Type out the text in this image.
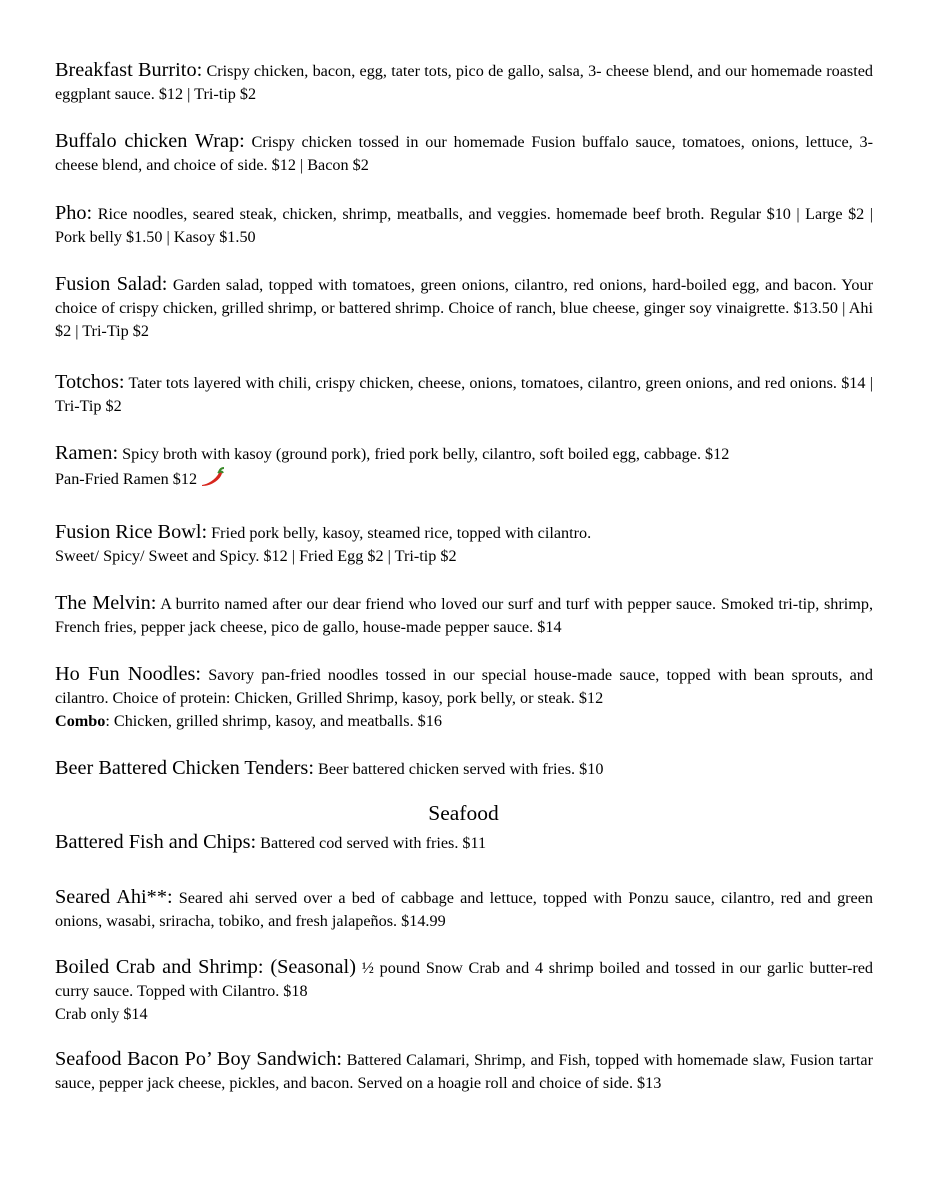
Breakfast Burrito: Crispy chicken, bacon, egg, tater tots, pico de gallo, salsa, 3- cheese blend, and our homemade roasted eggplant sauce. $12 | Tri-tip $2
Buffalo chicken Wrap: Crispy chicken tossed in our homemade Fusion buffalo sauce, tomatoes, onions, lettuce, 3- cheese blend, and choice of side. $12 | Bacon $2
Pho: Rice noodles, seared steak, chicken, shrimp, meatballs, and veggies. homemade beef broth. Regular $10 | Large $2 | Pork belly $1.50 | Kasoy $1.50
Fusion Salad: Garden salad, topped with tomatoes, green onions, cilantro, red onions, hard-boiled egg, and bacon. Your choice of crispy chicken, grilled shrimp, or battered shrimp. Choice of ranch, blue cheese, ginger soy vinaigrette. $13.50 | Ahi $2 | Tri-Tip $2
Totchos: Tater tots layered with chili, crispy chicken, cheese, onions, tomatoes, cilantro, green onions, and red onions. $14 | Tri-Tip $2
Ramen: Spicy broth with kasoy (ground pork), fried pork belly, cilantro, soft boiled egg, cabbage. $12
Pan-Fried Ramen $12
Fusion Rice Bowl: Fried pork belly, kasoy, steamed rice, topped with cilantro.
Sweet/ Spicy/ Sweet and Spicy. $12 | Fried Egg $2 | Tri-tip $2
The Melvin: A burrito named after our dear friend who loved our surf and turf with pepper sauce. Smoked tri-tip, shrimp, French fries, pepper jack cheese, pico de gallo, house-made pepper sauce. $14
Ho Fun Noodles: Savory pan-fried noodles tossed in our special house-made sauce, topped with bean sprouts, and cilantro. Choice of protein: Chicken, Grilled Shrimp, kasoy, pork belly, or steak. $12
Combo: Chicken, grilled shrimp, kasoy, and meatballs. $16
Beer Battered Chicken Tenders: Beer battered chicken served with fries. $10
Seafood
Battered Fish and Chips: Battered cod served with fries. $11
Seared Ahi**: Seared ahi served over a bed of cabbage and lettuce, topped with Ponzu sauce, cilantro, red and green onions, wasabi, sriracha, tobiko, and fresh jalapeños. $14.99
Boiled Crab and Shrimp: (Seasonal) ½ pound Snow Crab and 4 shrimp boiled and tossed in our garlic butter-red curry sauce. Topped with Cilantro. $18
Crab only $14
Seafood Bacon Po’ Boy Sandwich: Battered Calamari, Shrimp, and Fish, topped with homemade slaw, Fusion tartar sauce, pepper jack cheese, pickles, and bacon. Served on a hoagie roll and choice of side. $13
